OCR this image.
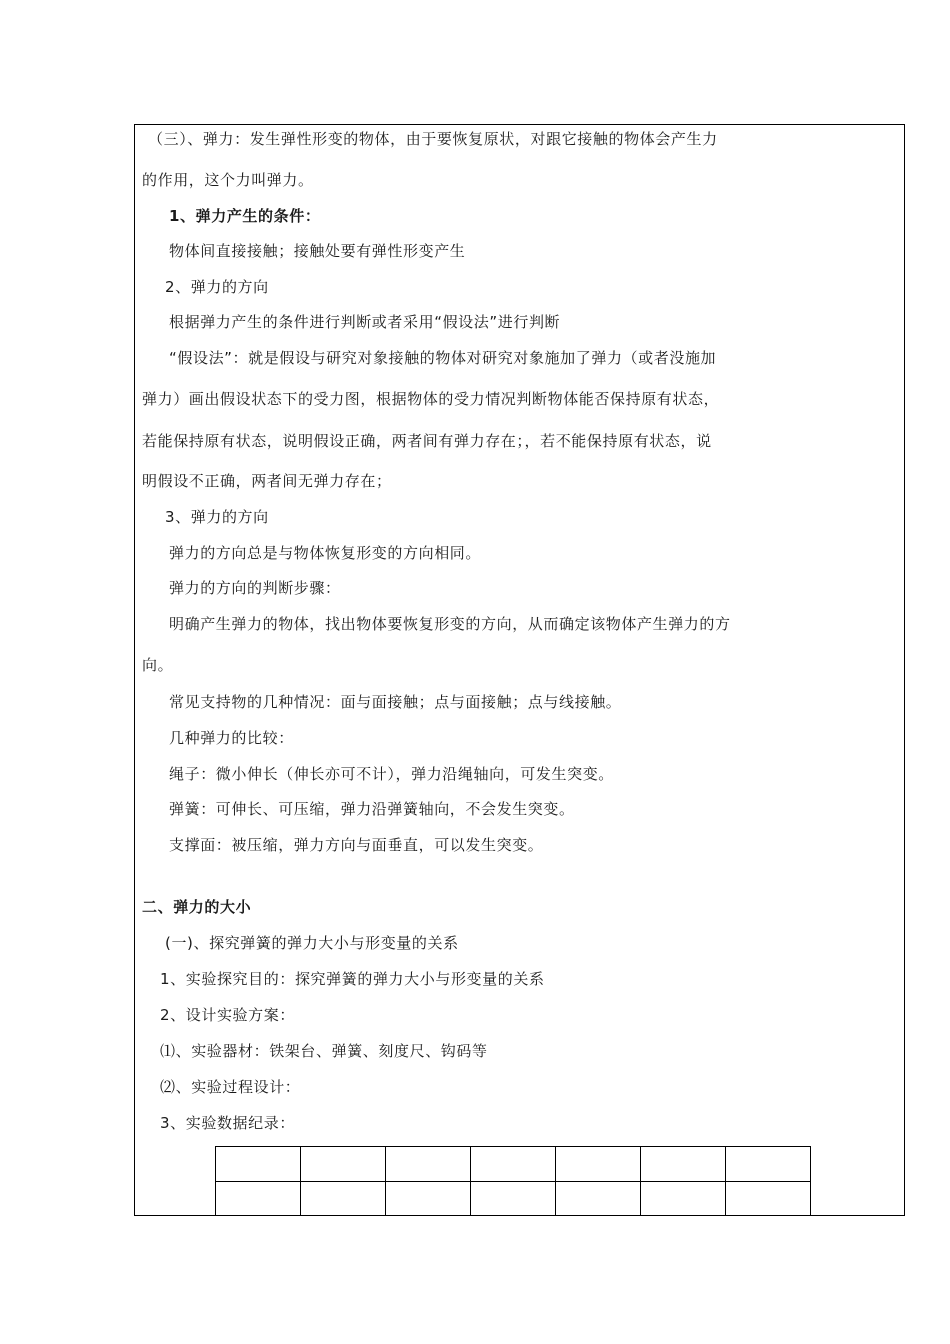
（三）、弹力：发生弹性形变的物体，由于要恢复原状，对跟它接触的物体会产生力
的作用，这个力叫弹力。
1、弹力产生的条件：
物体间直接接触；接触处要有弹性形变产生
2、弹力的方向
根据弹力产生的条件进行判断或者采用“假设法”进行判断
“假设法”：就是假设与研究对象接触的物体对研究对象施加了弹力（或者没施加
弹力）画出假设状态下的受力图，根据物体的受力情况判断物体能否保持原有状态，
若能保持原有状态，说明假设正确，两者间有弹力存在；，若不能保持原有状态，说
明假设不正确，两者间无弹力存在；
3、弹力的方向
弹力的方向总是与物体恢复形变的方向相同。
弹力的方向的判断步骤：
明确产生弹力的物体，找出物体要恢复形变的方向，从而确定该物体产生弹力的方
向。
常见支持物的几种情况：面与面接触；点与面接触；点与线接触。
几种弹力的比较：
绳子：微小伸长（伸长亦可不计），弹力沿绳轴向，可发生突变。
弹簧：可伸长、可压缩，弹力沿弹簧轴向，不会发生突变。
支撑面：被压缩，弹力方向与面垂直，可以发生突变。
二、弹力的大小
(一)、探究弹簧的弹力大小与形变量的关系
1、实验探究目的：探究弹簧的弹力大小与形变量的关系
2、设计实验方案：
⑴、实验器材：铁架台、弹簧、刻度尺、钩码等
⑵、实验过程设计：
3、实验数据纪录：
